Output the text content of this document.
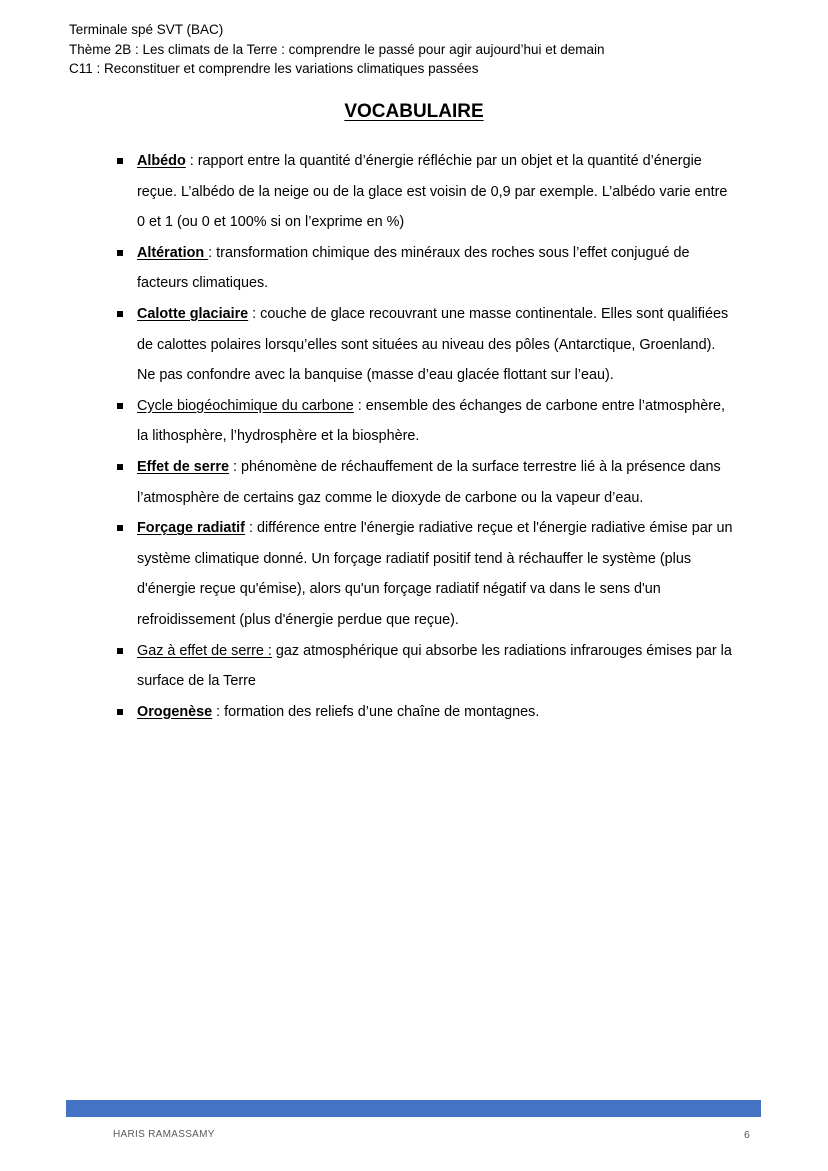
Terminale spé SVT (BAC)
Thème 2B : Les climats de la Terre : comprendre le passé pour agir aujourd’hui et demain
C11 : Reconstituer et comprendre les variations climatiques passées
VOCABULAIRE
Albédo : rapport entre la quantité d’énergie réfléchie par un objet et la quantité d’énergie reçue. L’albédo de la neige ou de la glace est voisin de 0,9 par exemple. L’albédo varie entre 0 et 1 (ou 0 et 100% si on l’exprime en %)
Altération : transformation chimique des minéraux des roches sous l’effet conjugué de facteurs climatiques.
Calotte glaciaire : couche de glace recouvrant une masse continentale. Elles sont qualifiées de calottes polaires lorsqu’elles sont situées au niveau des pôles (Antarctique, Groenland). Ne pas confondre avec la banquise (masse d’eau glacée flottant sur l’eau).
Cycle biogéochimique du carbone : ensemble des échanges de carbone entre l’atmosphère, la lithosphère, l’hydrosphère et la biosphère.
Effet de serre : phénomène de réchauffement de la surface terrestre lié à la présence dans l’atmosphère de certains gaz comme le dioxyde de carbone ou la vapeur d’eau.
Forçage radiatif : différence entre l'énergie radiative reçue et l'énergie radiative émise par un système climatique donné. Un forçage radiatif positif tend à réchauffer le système (plus d'énergie reçue qu'émise), alors qu'un forçage radiatif négatif va dans le sens d'un refroidissement (plus d'énergie perdue que reçue).
Gaz à effet de serre : gaz atmosphérique qui absorbe les radiations infrarouges émises par la surface de la Terre
Orogenèse : formation des reliefs d’une chaîne de montagnes.
HARIS RAMASSAMY	6
